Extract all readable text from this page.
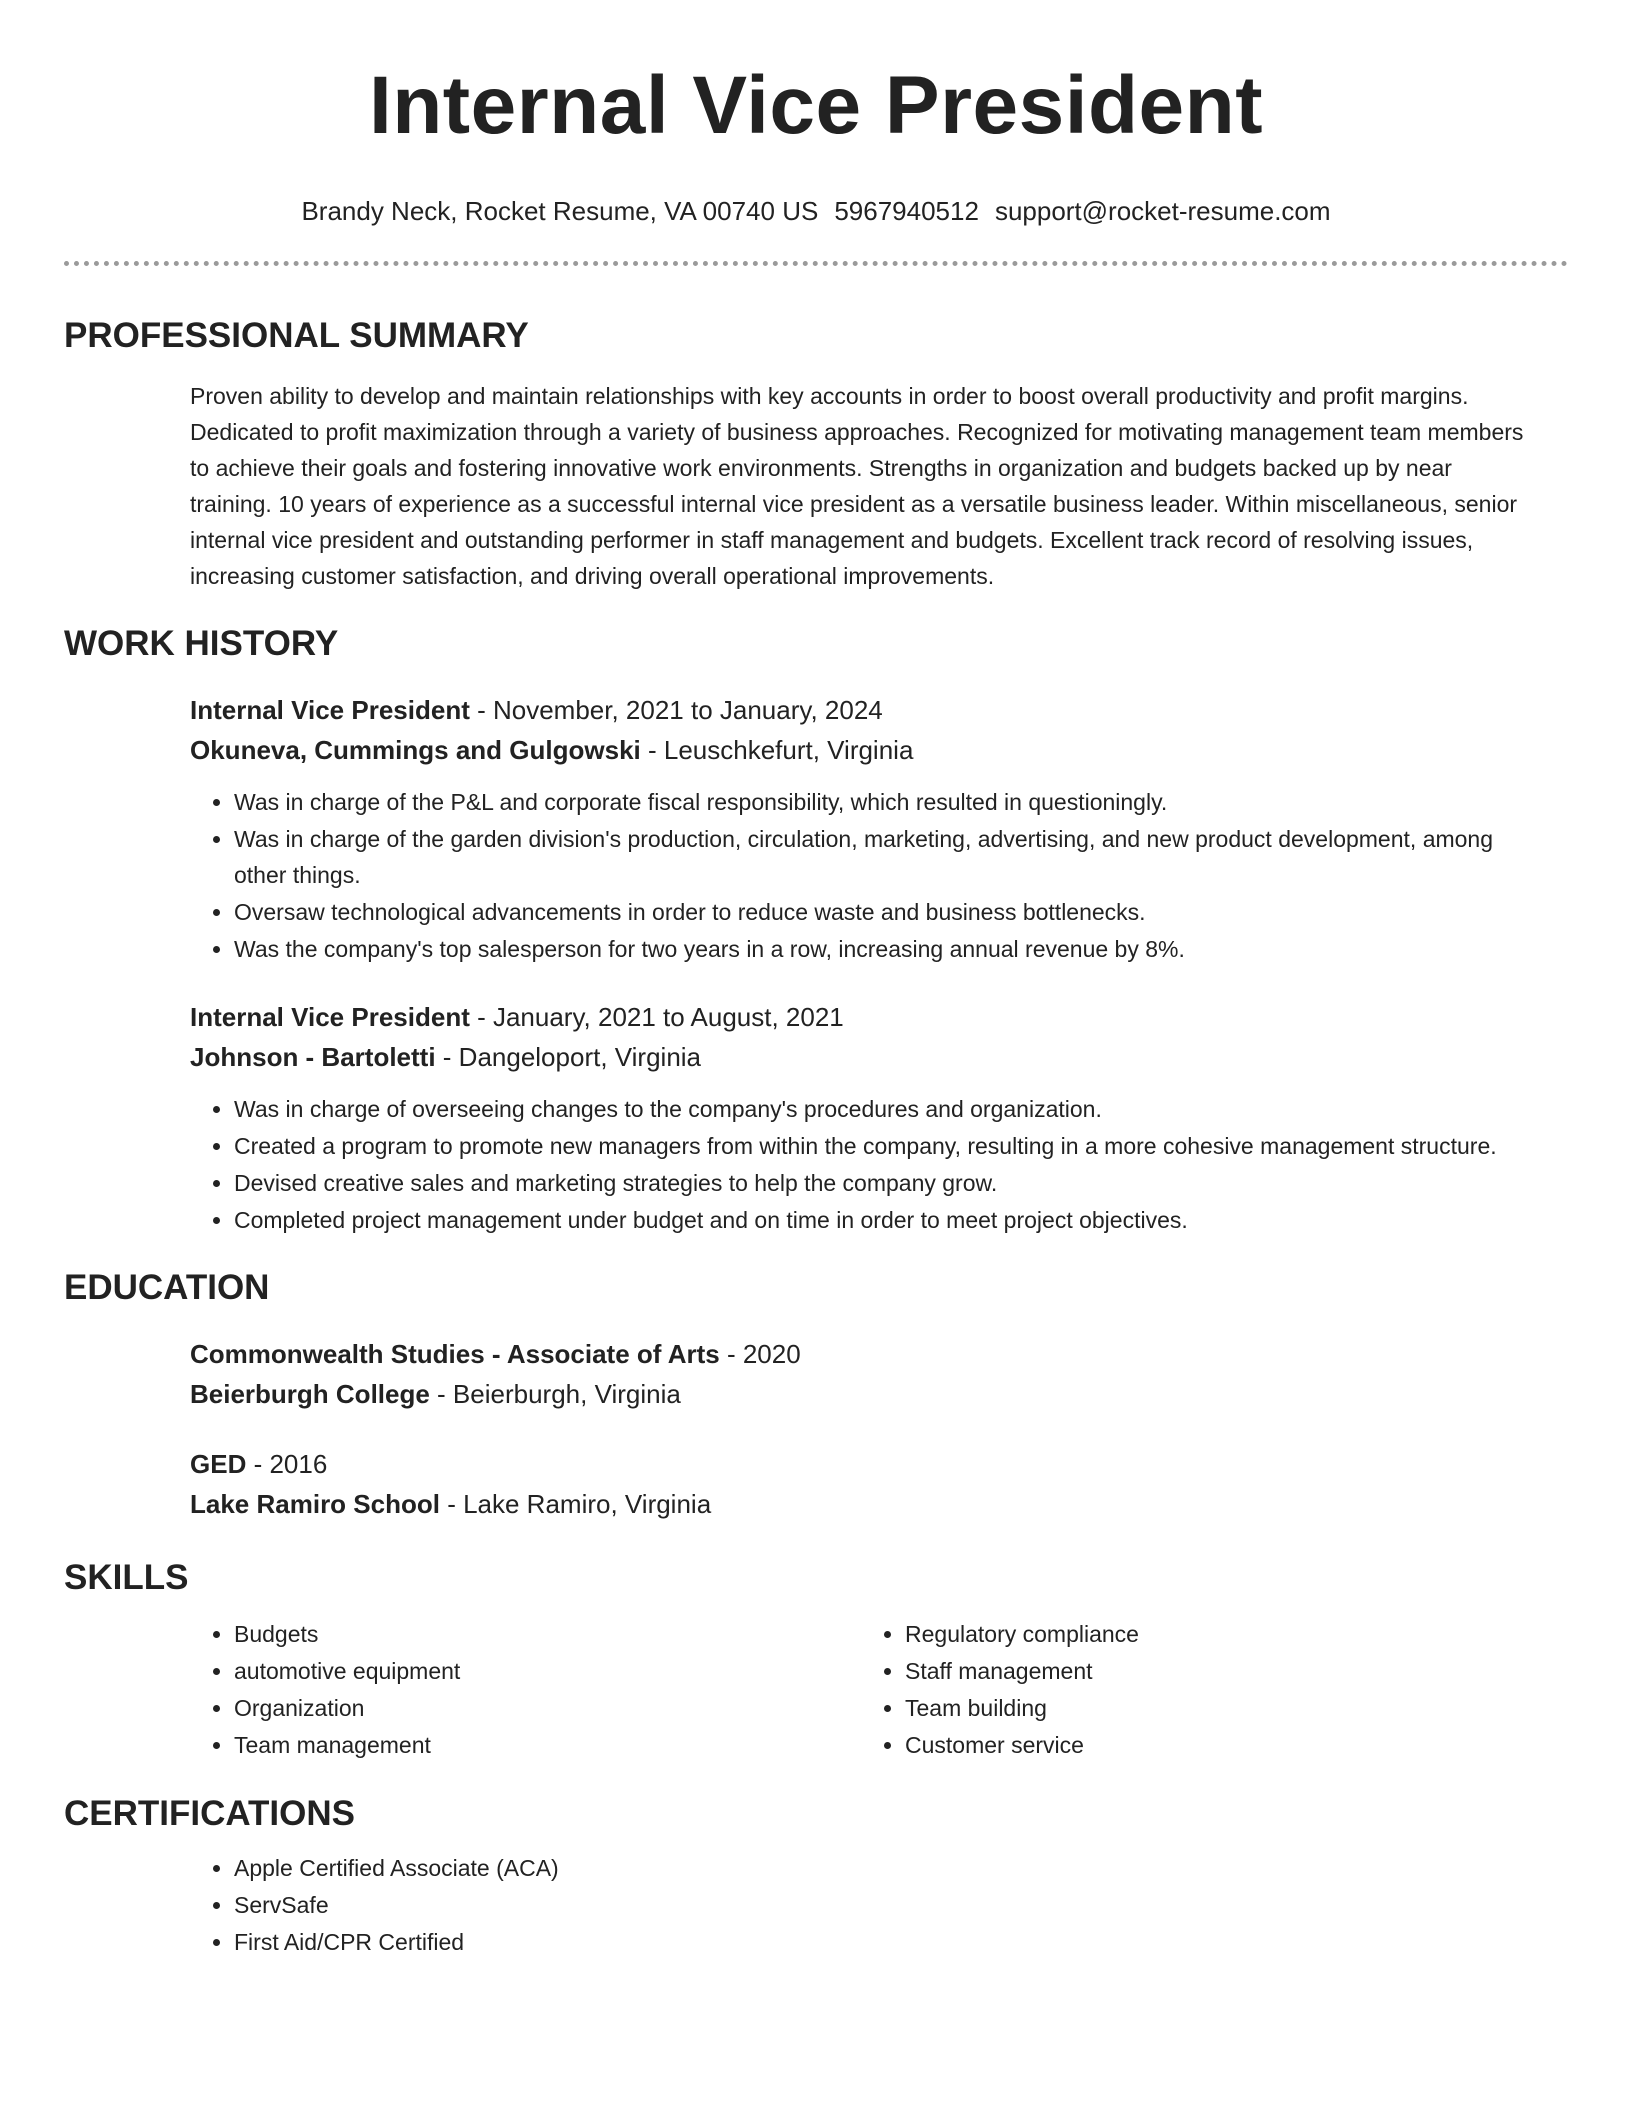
Internal Vice President
Brandy Neck, Rocket Resume, VA 00740 US 5967940512 support@rocket-resume.com
PROFESSIONAL SUMMARY
Proven ability to develop and maintain relationships with key accounts in order to boost overall productivity and profit margins. Dedicated to profit maximization through a variety of business approaches. Recognized for motivating management team members to achieve their goals and fostering innovative work environments. Strengths in organization and budgets backed up by near training. 10 years of experience as a successful internal vice president as a versatile business leader. Within miscellaneous, senior internal vice president and outstanding performer in staff management and budgets. Excellent track record of resolving issues, increasing customer satisfaction, and driving overall operational improvements.
WORK HISTORY
Internal Vice President - November, 2021 to January, 2024
Okuneva, Cummings and Gulgowski - Leuschkefurt, Virginia
• Was in charge of the P&L and corporate fiscal responsibility, which resulted in questioningly.
• Was in charge of the garden division's production, circulation, marketing, advertising, and new product development, among other things.
• Oversaw technological advancements in order to reduce waste and business bottlenecks.
• Was the company's top salesperson for two years in a row, increasing annual revenue by 8%.
Internal Vice President - January, 2021 to August, 2021
Johnson - Bartoletti - Dangeloport, Virginia
• Was in charge of overseeing changes to the company's procedures and organization.
• Created a program to promote new managers from within the company, resulting in a more cohesive management structure.
• Devised creative sales and marketing strategies to help the company grow.
• Completed project management under budget and on time in order to meet project objectives.
EDUCATION
Commonwealth Studies - Associate of Arts - 2020
Beierburgh College - Beierburgh, Virginia
GED - 2016
Lake Ramiro School - Lake Ramiro, Virginia
SKILLS
• Budgets
• automotive equipment
• Organization
• Team management
• Regulatory compliance
• Staff management
• Team building
• Customer service
CERTIFICATIONS
• Apple Certified Associate (ACA)
• ServSafe
• First Aid/CPR Certified
